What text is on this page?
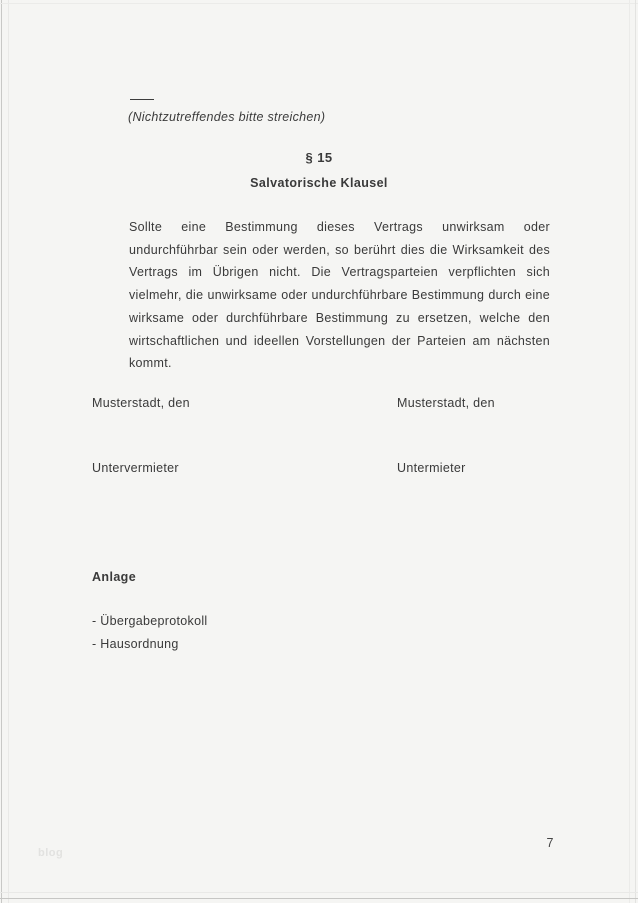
(Nichtzutreffendes bitte streichen)
§ 15
Salvatorische Klausel
Sollte eine Bestimmung dieses Vertrags unwirksam oder undurchführbar sein oder werden, so berührt dies die Wirksamkeit des Vertrags im Übrigen nicht. Die Vertragsparteien verpflichten sich vielmehr, die unwirksame oder undurchführbare Bestimmung durch eine wirksame oder durchführbare Bestimmung zu ersetzen, welche den wirtschaftlichen und ideellen Vorstellungen der Parteien am nächsten kommt.
Musterstadt, den	Musterstadt, den
Untervermieter	Untermieter
Anlage
- Übergabeprotokoll
- Hausordnung
7
blog
